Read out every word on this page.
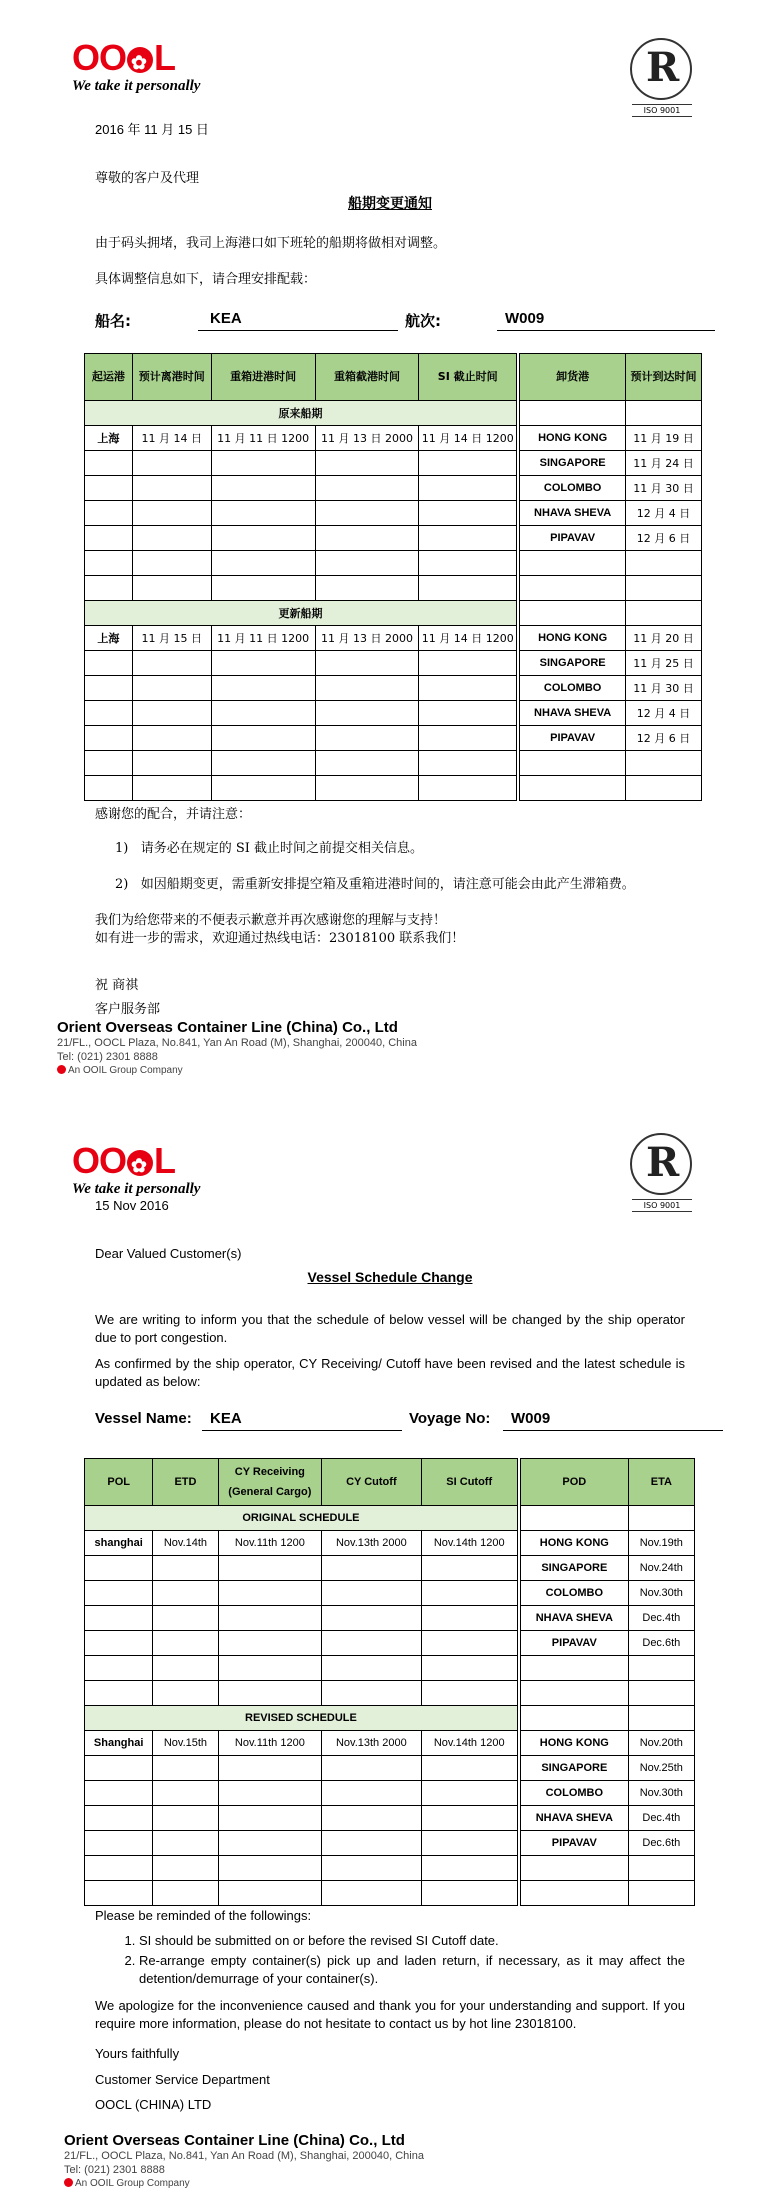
OO ✿ L
We take it personally	R
ISO 9001
2016 年 11 月 15 日
尊敬的客户及代理
船期变更通知
由于码头拥堵，我司上海港口如下班轮的船期将做相对调整。
具体调整信息如下，请合理安排配载：
船名:	KEA	航次:	W009
起运港	预计离港时间	重箱进港时间	重箱截港时间	SI 截止时间		卸货港	预计到达时间
原来船期							
上海	11 月 14 日	11 月 11 日 1200	11 月 13 日 2000	11 月 14 日 1200		HONG KONG	11 月 19 日
						SINGAPORE	11 月 24 日
						COLOMBO	11 月 30 日
						NHAVA SHEVA	12 月 4 日
						PIPAVAV	12 月 6 日

更新船期							
上海	11 月 15 日	11 月 11 日 1200	11 月 13 日 2000	11 月 14 日 1200		HONG KONG	11 月 20 日
						SINGAPORE	11 月 25 日
						COLOMBO	11 月 30 日
						NHAVA SHEVA	12 月 4 日
						PIPAVAV	12 月 6 日

感谢您的配合，并请注意：
1)   请务必在规定的 SI 截止时间之前提交相关信息。
2)   如因船期变更，需重新安排提空箱及重箱进港时间的，请注意可能会由此产生滞箱费。
我们为给您带来的不便表示歉意并再次感谢您的理解与支持！
如有进一步的需求，欢迎通过热线电话：23018100 联系我们！
祝 商祺
客户服务部
Orient Overseas Container Line (China) Co., Ltd
21/FL., OOCL Plaza, No.841, Yan An Road (M), Shanghai, 200040, China
Tel: (021) 2301 8888
An OOIL Group Company
OO ✿ L
We take it personally
R
ISO 9001
15 Nov 2016
Dear Valued Customer(s)
Vessel Schedule Change
We are writing to inform you that the schedule of below vessel will be changed by the ship operator due to port congestion.
As confirmed by the ship operator, CY Receiving/ Cutoff have been revised and the latest schedule is updated as below:
Vessel Name: KEA	Voyage No: W009
POL	ETD	CY Receiving (General Cargo)	CY Cutoff	SI Cutoff		POD	ETA
ORIGINAL SCHEDULE							
shanghai	Nov.14th	Nov.11th 1200	Nov.13th 2000	Nov.14th 1200		HONG KONG	Nov.19th
						SINGAPORE	Nov.24th
						COLOMBO	Nov.30th
						NHAVA SHEVA	Dec.4th
						PIPAVAV	Dec.6th

REVISED SCHEDULE							
Shanghai	Nov.15th	Nov.11th 1200	Nov.13th 2000	Nov.14th 1200		HONG KONG	Nov.20th
						SINGAPORE	Nov.25th
						COLOMBO	Nov.30th
						NHAVA SHEVA	Dec.4th
						PIPAVAV	Dec.6th

Please be reminded of the followings:
1. SI should be submitted on or before the revised SI Cutoff date.
2. Re-arrange empty container(s) pick up and laden return, if necessary, as it may affect the detention/demurrage of your container(s).
We apologize for the inconvenience caused and thank you for your understanding and support. If you require more information, please do not hesitate to contact us by hot line 23018100.
Yours faithfully
Customer Service Department
OOCL (CHINA) LTD
Orient Overseas Container Line (China) Co., Ltd
21/FL., OOCL Plaza, No.841, Yan An Road (M), Shanghai, 200040, China
Tel: (021) 2301 8888
An OOIL Group Company
